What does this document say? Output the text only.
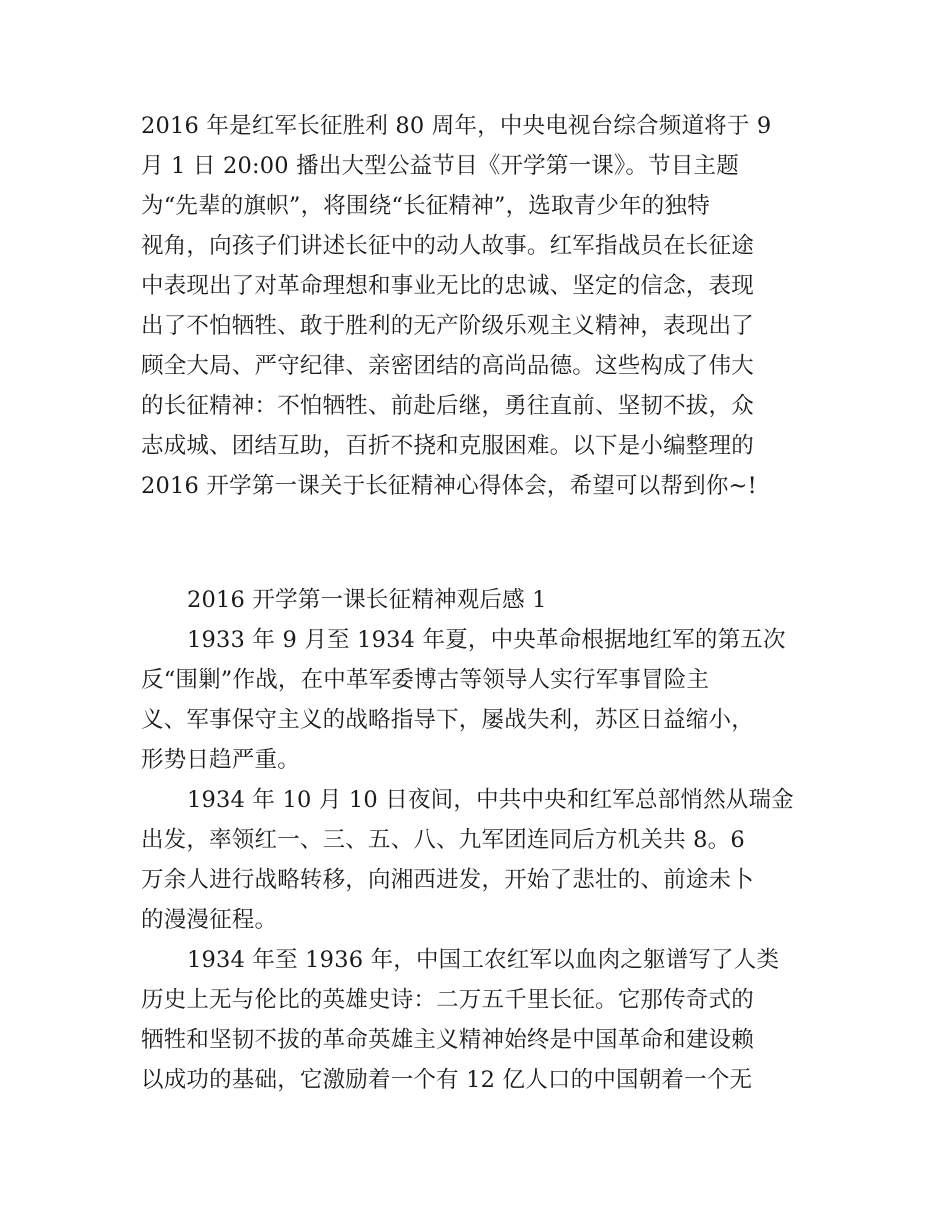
2016 年是红军长征胜利 80 周年，中央电视台综合频道将于 9
月 1 日 20:00 播出大型公益节目《开学第一课》。节目主题
为“先辈的旗帜”，将围绕“长征精神”，选取青少年的独特
视角，向孩子们讲述长征中的动人故事。红军指战员在长征途
中表现出了对革命理想和事业无比的忠诚、坚定的信念，表现
出了不怕牺牲、敢于胜利的无产阶级乐观主义精神，表现出了
顾全大局、严守纪律、亲密团结的高尚品德。这些构成了伟大
的长征精神：不怕牺牲、前赴后继，勇往直前、坚韧不拔，众
志成城、团结互助，百折不挠和克服困难。以下是小编整理的
2016 开学第一课关于长征精神心得体会，希望可以帮到你~!
2016 开学第一课长征精神观后感 1
1933 年 9 月至 1934 年夏，中央革命根据地红军的第五次
反“围剿”作战，在中革军委博古等领导人实行军事冒险主
义、军事保守主义的战略指导下，屡战失利，苏区日益缩小，
形势日趋严重。
1934 年 10 月 10 日夜间，中共中央和红军总部悄然从瑞金
出发，率领红一、三、五、八、九军团连同后方机关共 8。6
万余人进行战略转移，向湘西进发，开始了悲壮的、前途未卜
的漫漫征程。
1934 年至 1936 年，中国工农红军以血肉之躯谱写了人类
历史上无与伦比的英雄史诗：二万五千里长征。它那传奇式的
牺牲和坚韧不拔的革命英雄主义精神始终是中国革命和建设赖
以成功的基础，它激励着一个有 12 亿人口的中国朝着一个无
